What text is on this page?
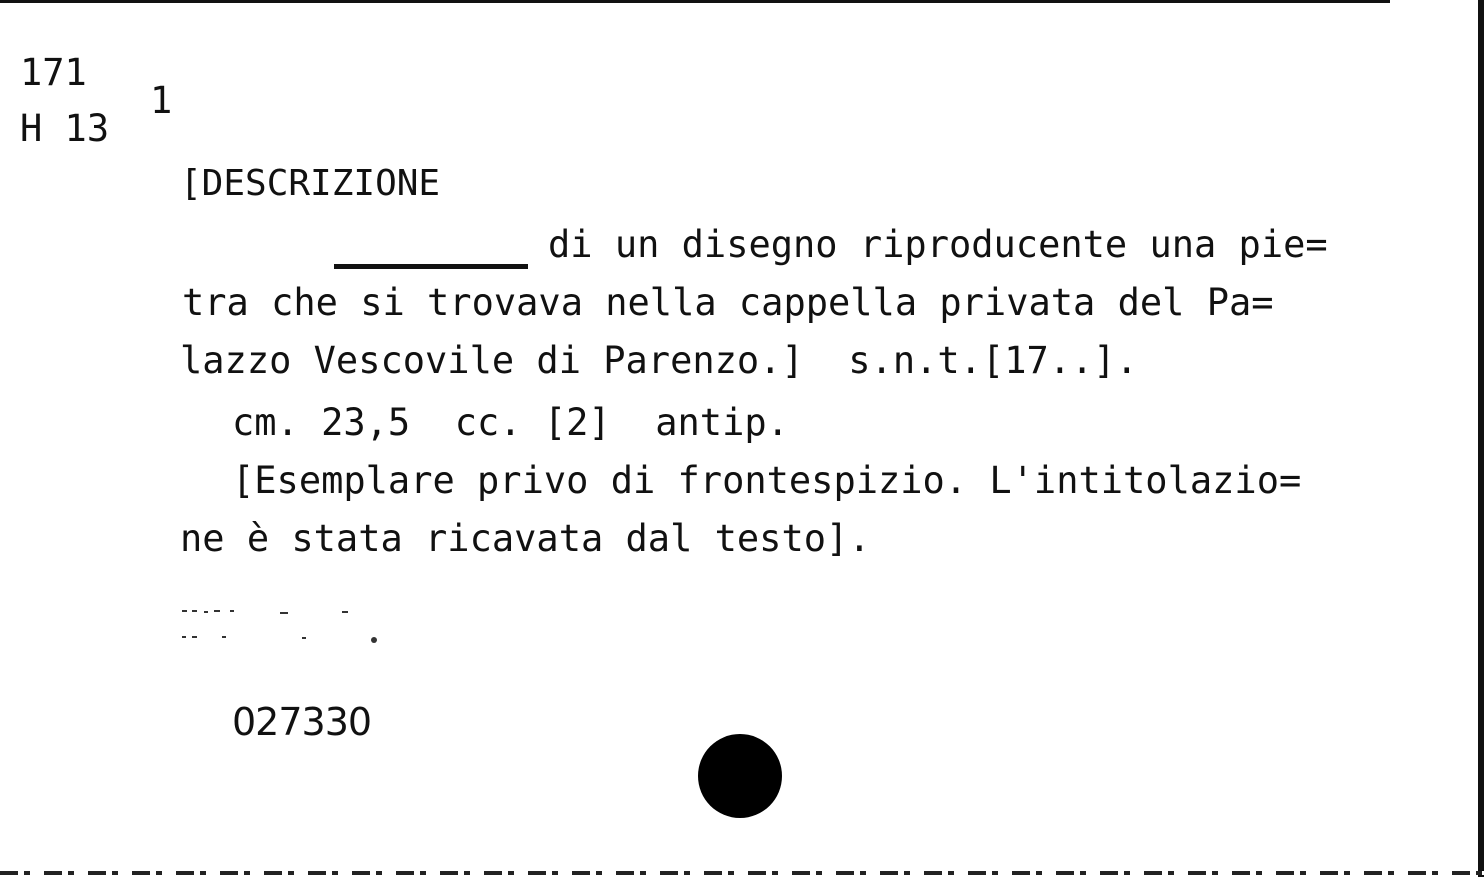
171
H 13
1
[DESCRIZIONE
di un disegno riproducente una pie=
tra che si trovava nella cappella privata del Pa=
lazzo Vescovile di Parenzo.]  s.n.t.[17..].
cm. 23,5  cc. [2]  antip.
[Esemplare privo di frontespizio. L'intitolazio=
ne è stata ricavata dal testo].
027330
